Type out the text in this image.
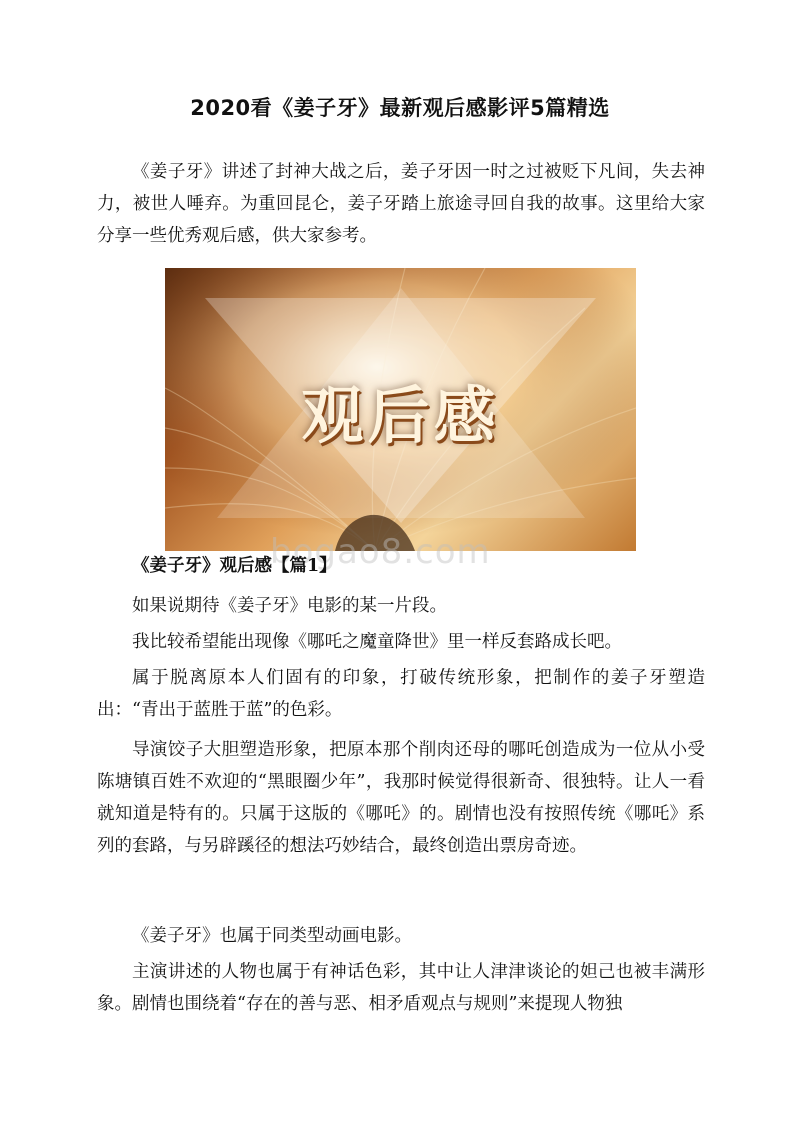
2020看《姜子牙》最新观后感影评5篇精选

《姜子牙》讲述了封神大战之后，姜子牙因一时之过被贬下凡间，失去神力，被世人唾弃。为重回昆仑，姜子牙踏上旅途寻回自我的故事。这里给大家分享一些优秀观后感，供大家参考。

观后感
bogao8.com

《姜子牙》观后感【篇1】

如果说期待《姜子牙》电影的某一片段。

我比较希望能出现像《哪吒之魔童降世》里一样反套路成长吧。

属于脱离原本人们固有的印象，打破传统形象，把制作的姜子牙塑造出：“青出于蓝胜于蓝”的色彩。

导演饺子大胆塑造形象，把原本那个削肉还母的哪吒创造成为一位从小受陈塘镇百姓不欢迎的“黑眼圈少年”，我那时候觉得很新奇、很独特。让人一看就知道是特有的。只属于这版的《哪吒》的。剧情也没有按照传统《哪吒》系列的套路，与另辟蹊径的想法巧妙结合，最终创造出票房奇迹。

《姜子牙》也属于同类型动画电影。

主演讲述的人物也属于有神话色彩，其中让人津津谈论的妲己也被丰满形象。剧情也围绕着“存在的善与恶、相矛盾观点与规则”来提现人物独
